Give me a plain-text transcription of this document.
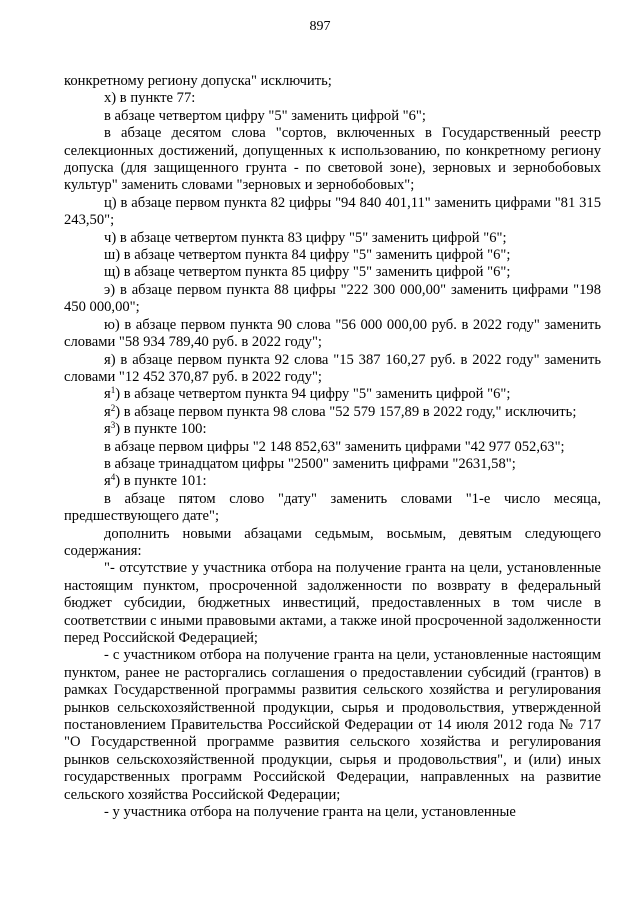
897

конкретному региону допуска" исключить;

х) в пункте 77:

в абзаце четвертом цифру "5" заменить цифрой "6";

в абзаце десятом слова "сортов, включенных в Государственный реестр селекционных достижений, допущенных к использованию, по конкретному региону допуска (для защищенного грунта - по световой зоне), зерновых и зернобобовых культур" заменить словами "зерновых и зернобобовых";

ц) в абзаце первом пункта 82 цифры "94 840 401,11" заменить цифрами "81 315 243,50";

ч) в абзаце четвертом пункта 83 цифру "5" заменить цифрой "6";

ш) в абзаце четвертом пункта 84 цифру "5" заменить цифрой "6";

щ) в абзаце четвертом пункта 85 цифру "5" заменить цифрой "6";

э) в абзаце первом пункта 88 цифры "222 300 000,00" заменить цифрами "198 450 000,00";

ю) в абзаце первом пункта 90 слова "56 000 000,00 руб. в 2022 году" заменить словами "58 934 789,40 руб. в 2022 году";

я) в абзаце первом пункта 92 слова "15 387 160,27 руб. в 2022 году" заменить словами "12 452 370,87 руб. в 2022 году";

$я^1$) в абзаце четвертом пункта 94 цифру "5" заменить цифрой "6";

$я^2$) в абзаце первом пункта 98 слова "52 579 157,89 в 2022 году," исключить;

$я^3$) в пункте 100:

в абзаце первом цифры "2 148 852,63" заменить цифрами "42 977 052,63";

в абзаце тринадцатом цифры "2500" заменить цифрами "2631,58";

$я^4$) в пункте 101:

в абзаце пятом слово "дату" заменить словами "1-е число месяца, предшествующего дате";

дополнить новыми абзацами седьмым, восьмым, девятым следующего содержания:

"- отсутствие у участника отбора на получение гранта на цели, установленные настоящим пунктом, просроченной задолженности по возврату в федеральный бюджет субсидии, бюджетных инвестиций, предоставленных в том числе в соответствии с иными правовыми актами, а также иной просроченной задолженности перед Российской Федерацией;

- с участником отбора на получение гранта на цели, установленные настоящим пунктом, ранее не расторгались соглашения о предоставлении субсидий (грантов) в рамках Государственной программы развития сельского хозяйства и регулирования рынков сельскохозяйственной продукции, сырья и продовольствия, утвержденной постановлением Правительства Российской Федерации от 14 июля 2012 года № 717 "О Государственной программе развития сельского хозяйства и регулирования рынков сельскохозяйственной продукции, сырья и продовольствия", и (или) иных государственных программ Российской Федерации, направленных на развитие сельского хозяйства Российской Федерации;

- у участника отбора на получение гранта на цели, установленные
